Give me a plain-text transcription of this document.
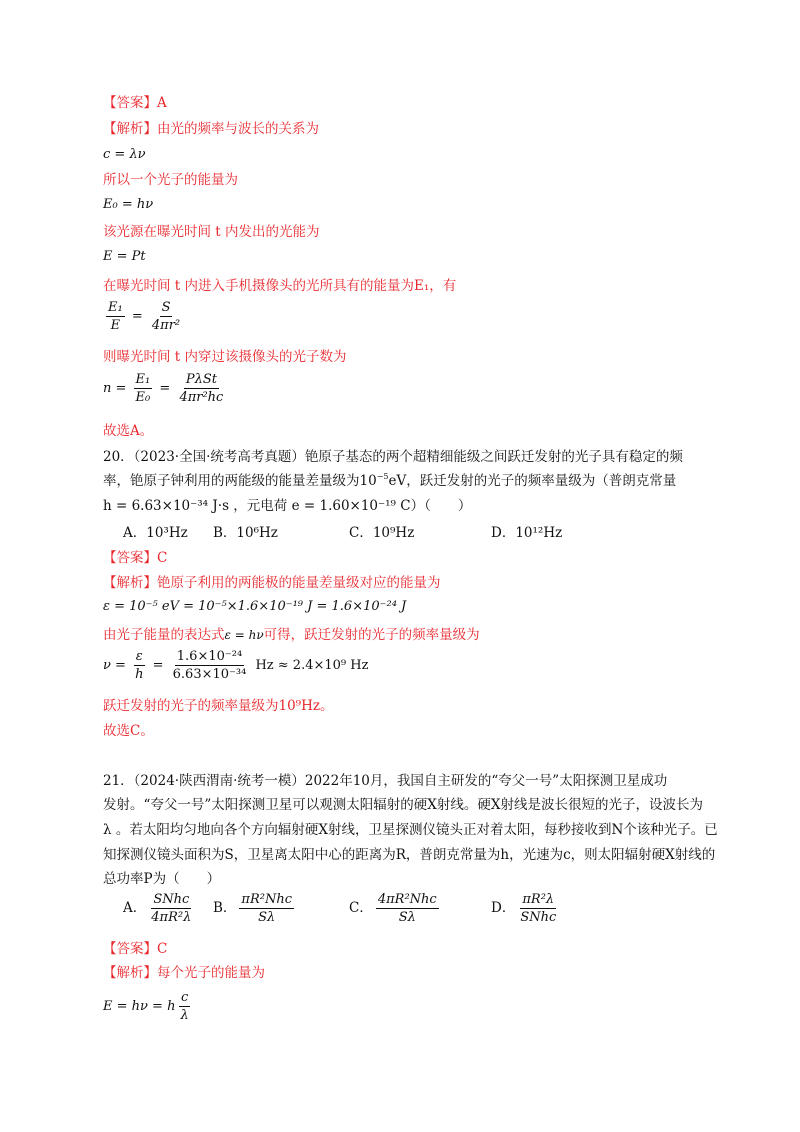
【答案】A
【解析】由光的频率与波长的关系为
c = λν
所以一个光子的能量为
E₀ = hν
该光源在曝光时间 t 内发出的光能为
E = Pt
在曝光时间 t 内进入手机摄像头的光所具有的能量为E₁，有
$\frac{\text{E₁}}{E} = \frac{S}{\text{4πr²}}$
则曝光时间 t 内穿过该摄像头的光子数为
$n = \frac{\text{E₁}}{\text{E₀}} = \frac{\text{PλSt}}{\text{4πr²hc}}$
故选A。
20．（2023·全国·统考高考真题）铯原子基态的两个超精细能级之间跃迁发射的光子具有稳定的频
率，铯原子钟利用的两能级的能量差量级为$10^{-5}eV$，跃迁发射的光子的频率量级为（普朗克常量
h = 6.63×10⁻³⁴ J·s ，元电荷 e = 1.60×10⁻¹⁹ C）（　　）
A．10³Hz B．10⁶Hz	C．10⁹Hz	D．10¹²Hz
【答案】C
【解析】铯原子利用的两能极的能量差量级对应的能量为
ε = 10⁻⁵ eV = 10⁻⁵×1.6×10⁻¹⁹ J = 1.6×10⁻²⁴ J
由光子能量的表达式ε = hν可得，跃迁发射的光子的频率量级为
$\nu = \frac{\varepsilon}{h} = \frac{\text{1.6×10⁻²⁴}}{\text{6.63×10⁻³⁴}}$ Hz ≈ 2.4×10⁹ Hz
跃迁发射的光子的频率量级为10⁹Hz。
故选C。
21．（2024·陕西渭南·统考一模）2022年10月，我国自主研发的“夸父一号”太阳探测卫星成功
发射。“夸父一号”太阳探测卫星可以观测太阳辐射的硬X射线。硬X射线是波长很短的光子，设波长为
λ 。若太阳均匀地向各个方向辐射硬X射线，卫星探测仪镜头正对着太阳，每秒接收到N个该种光子。已
知探测仪镜头面积为S，卫星离太阳中心的距离为R，普朗克常量为h，光速为c，则太阳辐射硬X射线的
总功率P为（　　）
A． $\frac{\text{SNhc}}{\text{4πR²λ}}$ B． $\frac{\text{πR²Nhc}}{S\lambda}$	C． $\frac{\text{4πR²Nhc}}{S\lambda}$	D． $\frac{\text{πR²λ}}{\text{SNhc}}$
【答案】C
【解析】每个光子的能量为
E = hν = h $\frac{c}{\lambda}$
